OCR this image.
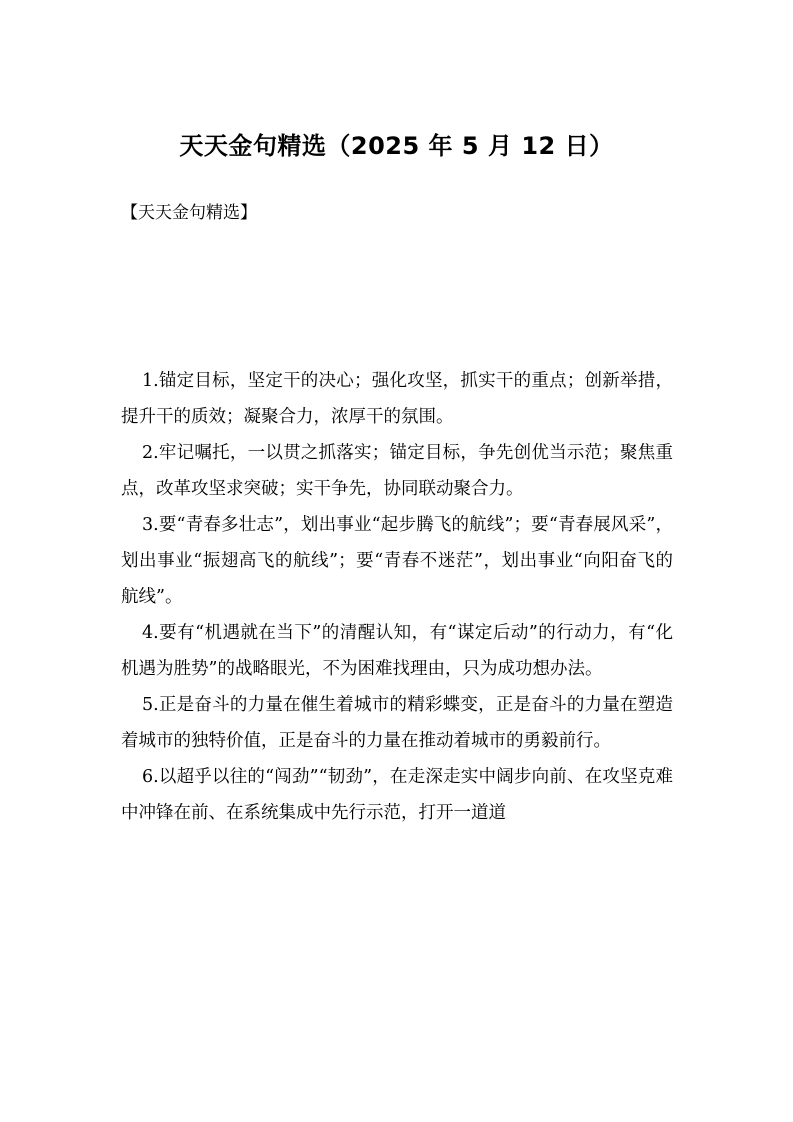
天天金句精选（2025 年 5 月 12 日）

【天天金句精选】

1.锚定目标，坚定干的决心；强化攻坚，抓实干的重点；创新举措，提升干的质效；凝聚合力，浓厚干的氛围。

2.牢记嘱托，一以贯之抓落实；锚定目标，争先创优当示范；聚焦重点，改革攻坚求突破；实干争先，协同联动聚合力。

3.要“青春多壮志”，划出事业“起步腾飞的航线”；要“青春展风采”，划出事业“振翅高飞的航线”；要“青春不迷茫”，划出事业“向阳奋飞的航线”。

4.要有“机遇就在当下”的清醒认知，有“谋定后动”的行动力，有“化机遇为胜势”的战略眼光，不为困难找理由，只为成功想办法。

5.正是奋斗的力量在催生着城市的精彩蝶变，正是奋斗的力量在塑造着城市的独特价值，正是奋斗的力量在推动着城市的勇毅前行。

6.以超乎以往的“闯劲”“韧劲”，在走深走实中阔步向前、在攻坚克难中冲锋在前、在系统集成中先行示范，打开一道道
